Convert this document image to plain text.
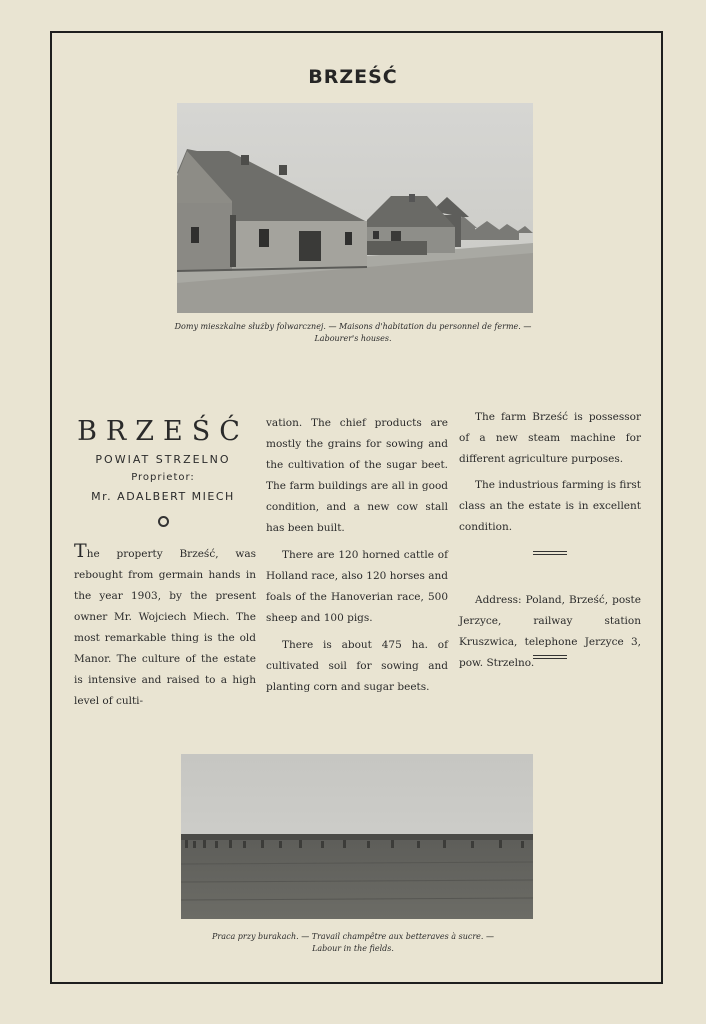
BRZEŚĆ
Domy mieszkalne służby folwarcznej. — Maisons d'habitation du personnel de ferme. —
Labourer's houses.
BRZEŚĆ
POWIAT STRZELNO
Proprietor:
Mr. ADALBERT MIECH

The property Brześć, was rebought from germain hands in the year 1903, by the present owner Mr. Wojciech Miech. The most remarkable thing is the old Manor. The culture of the estate is intensive and raised to a high level of culti-

vation. The chief products are mostly the grains for sowing and the cultivation of the sugar beet. The farm buildings are all in good condition, and a new cow stall has been built.

There are 120 horned cattle of Holland race, also 120 horses and foals of the Hanoverian race, 500 sheep and 100 pigs.

There is about 475 ha. of cultivated soil for sowing and planting corn and sugar beets.

The farm Brześć is possessor of a new steam machine for different agriculture purposes.

The industrious farming is first class an the estate is in excellent condition.

Address: Poland, Brześć, poste Jerzyce, railway station Kruszwica, telephone Jerzyce 3, pow. Strzelno.

Praca przy burakach. — Travail champêtre aux betteraves à sucre. —
Labour in the fields.
